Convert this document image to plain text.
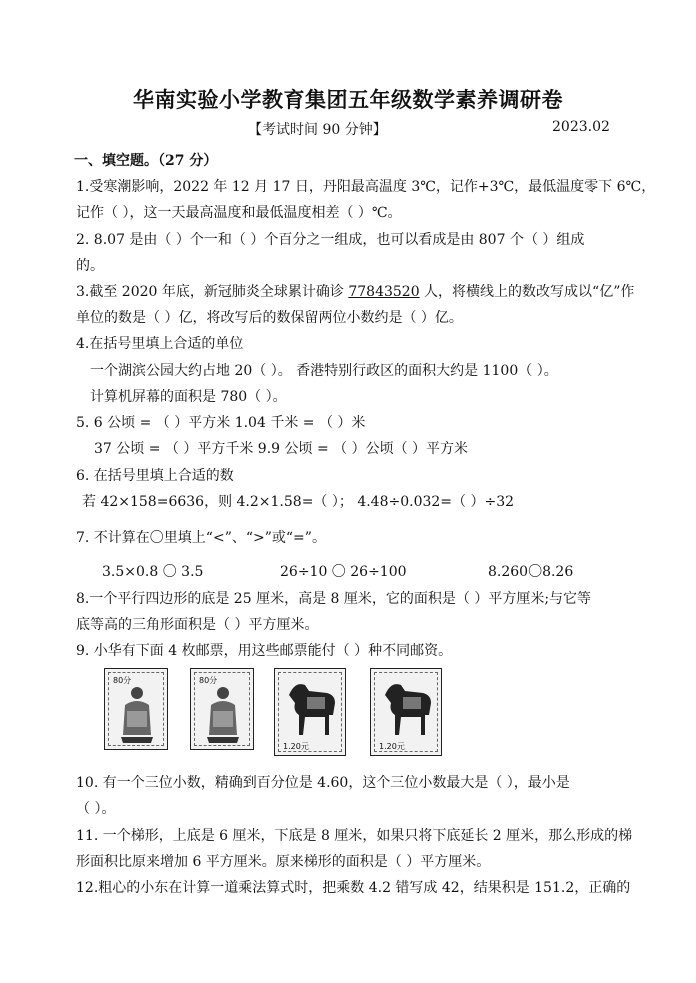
华南实验小学教育集团五年级数学素养调研卷
【考试时间 90 分钟】	2023.02
一、填空题。（27 分）
1.受寒潮影响，2022 年 12 月 17 日，丹阳最高温度 3℃，记作+3℃，最低温度零下 6℃，
记作（ ），这一天最高温度和最低温度相差（ ）℃。
2. 8.07 是由（ ）个一和（ ）个百分之一组成，也可以看成是由 807 个（ ）组成
的。
3.截至 2020 年底，新冠肺炎全球累计确诊 77843520 人，将横线上的数改写成以“亿”作
单位的数是（ ）亿，将改写后的数保留两位小数约是（ ）亿。
4.在括号里填上合适的单位
一个湖滨公园大约占地 20（ ）。 香港特别行政区的面积大约是 1100（ ）。
计算机屏幕的面积是 780（ ）。
5. 6 公顷 = （ ）平方米 1.04 千米 = （ ）米
37 公顷 = （ ）平方千米 9.9 公顷 = （ ）公顷（ ）平方米
6. 在括号里填上合适的数
若 42×158=6636，则 4.2×1.58=（ ）； 4.48÷0.032=（ ）÷32
7. 不计算在〇里填上“<”、“>”或“=”。
3.5×0.8 〇 3.5	26÷10 〇 26÷100	8.260〇8.26
8.一个平行四边形的底是 25 厘米，高是 8 厘米，它的面积是（ ）平方厘米;与它等
底等高的三角形面积是（ ）平方厘米。
9. 小华有下面 4 枚邮票，用这些邮票能付（ ）种不同邮资。
80分	80分
1.20元	1.20元
10. 有一个三位小数，精确到百分位是 4.60，这个三位小数最大是（ ），最小是
（ ）。
11. 一个梯形，上底是 6 厘米，下底是 8 厘米，如果只将下底延长 2 厘米，那么形成的梯
形面积比原来增加 6 平方厘米。原来梯形的面积是（ ）平方厘米。
12.粗心的小东在计算一道乘法算式时，把乘数 4.2 错写成 42，结果积是 151.2，正确的
